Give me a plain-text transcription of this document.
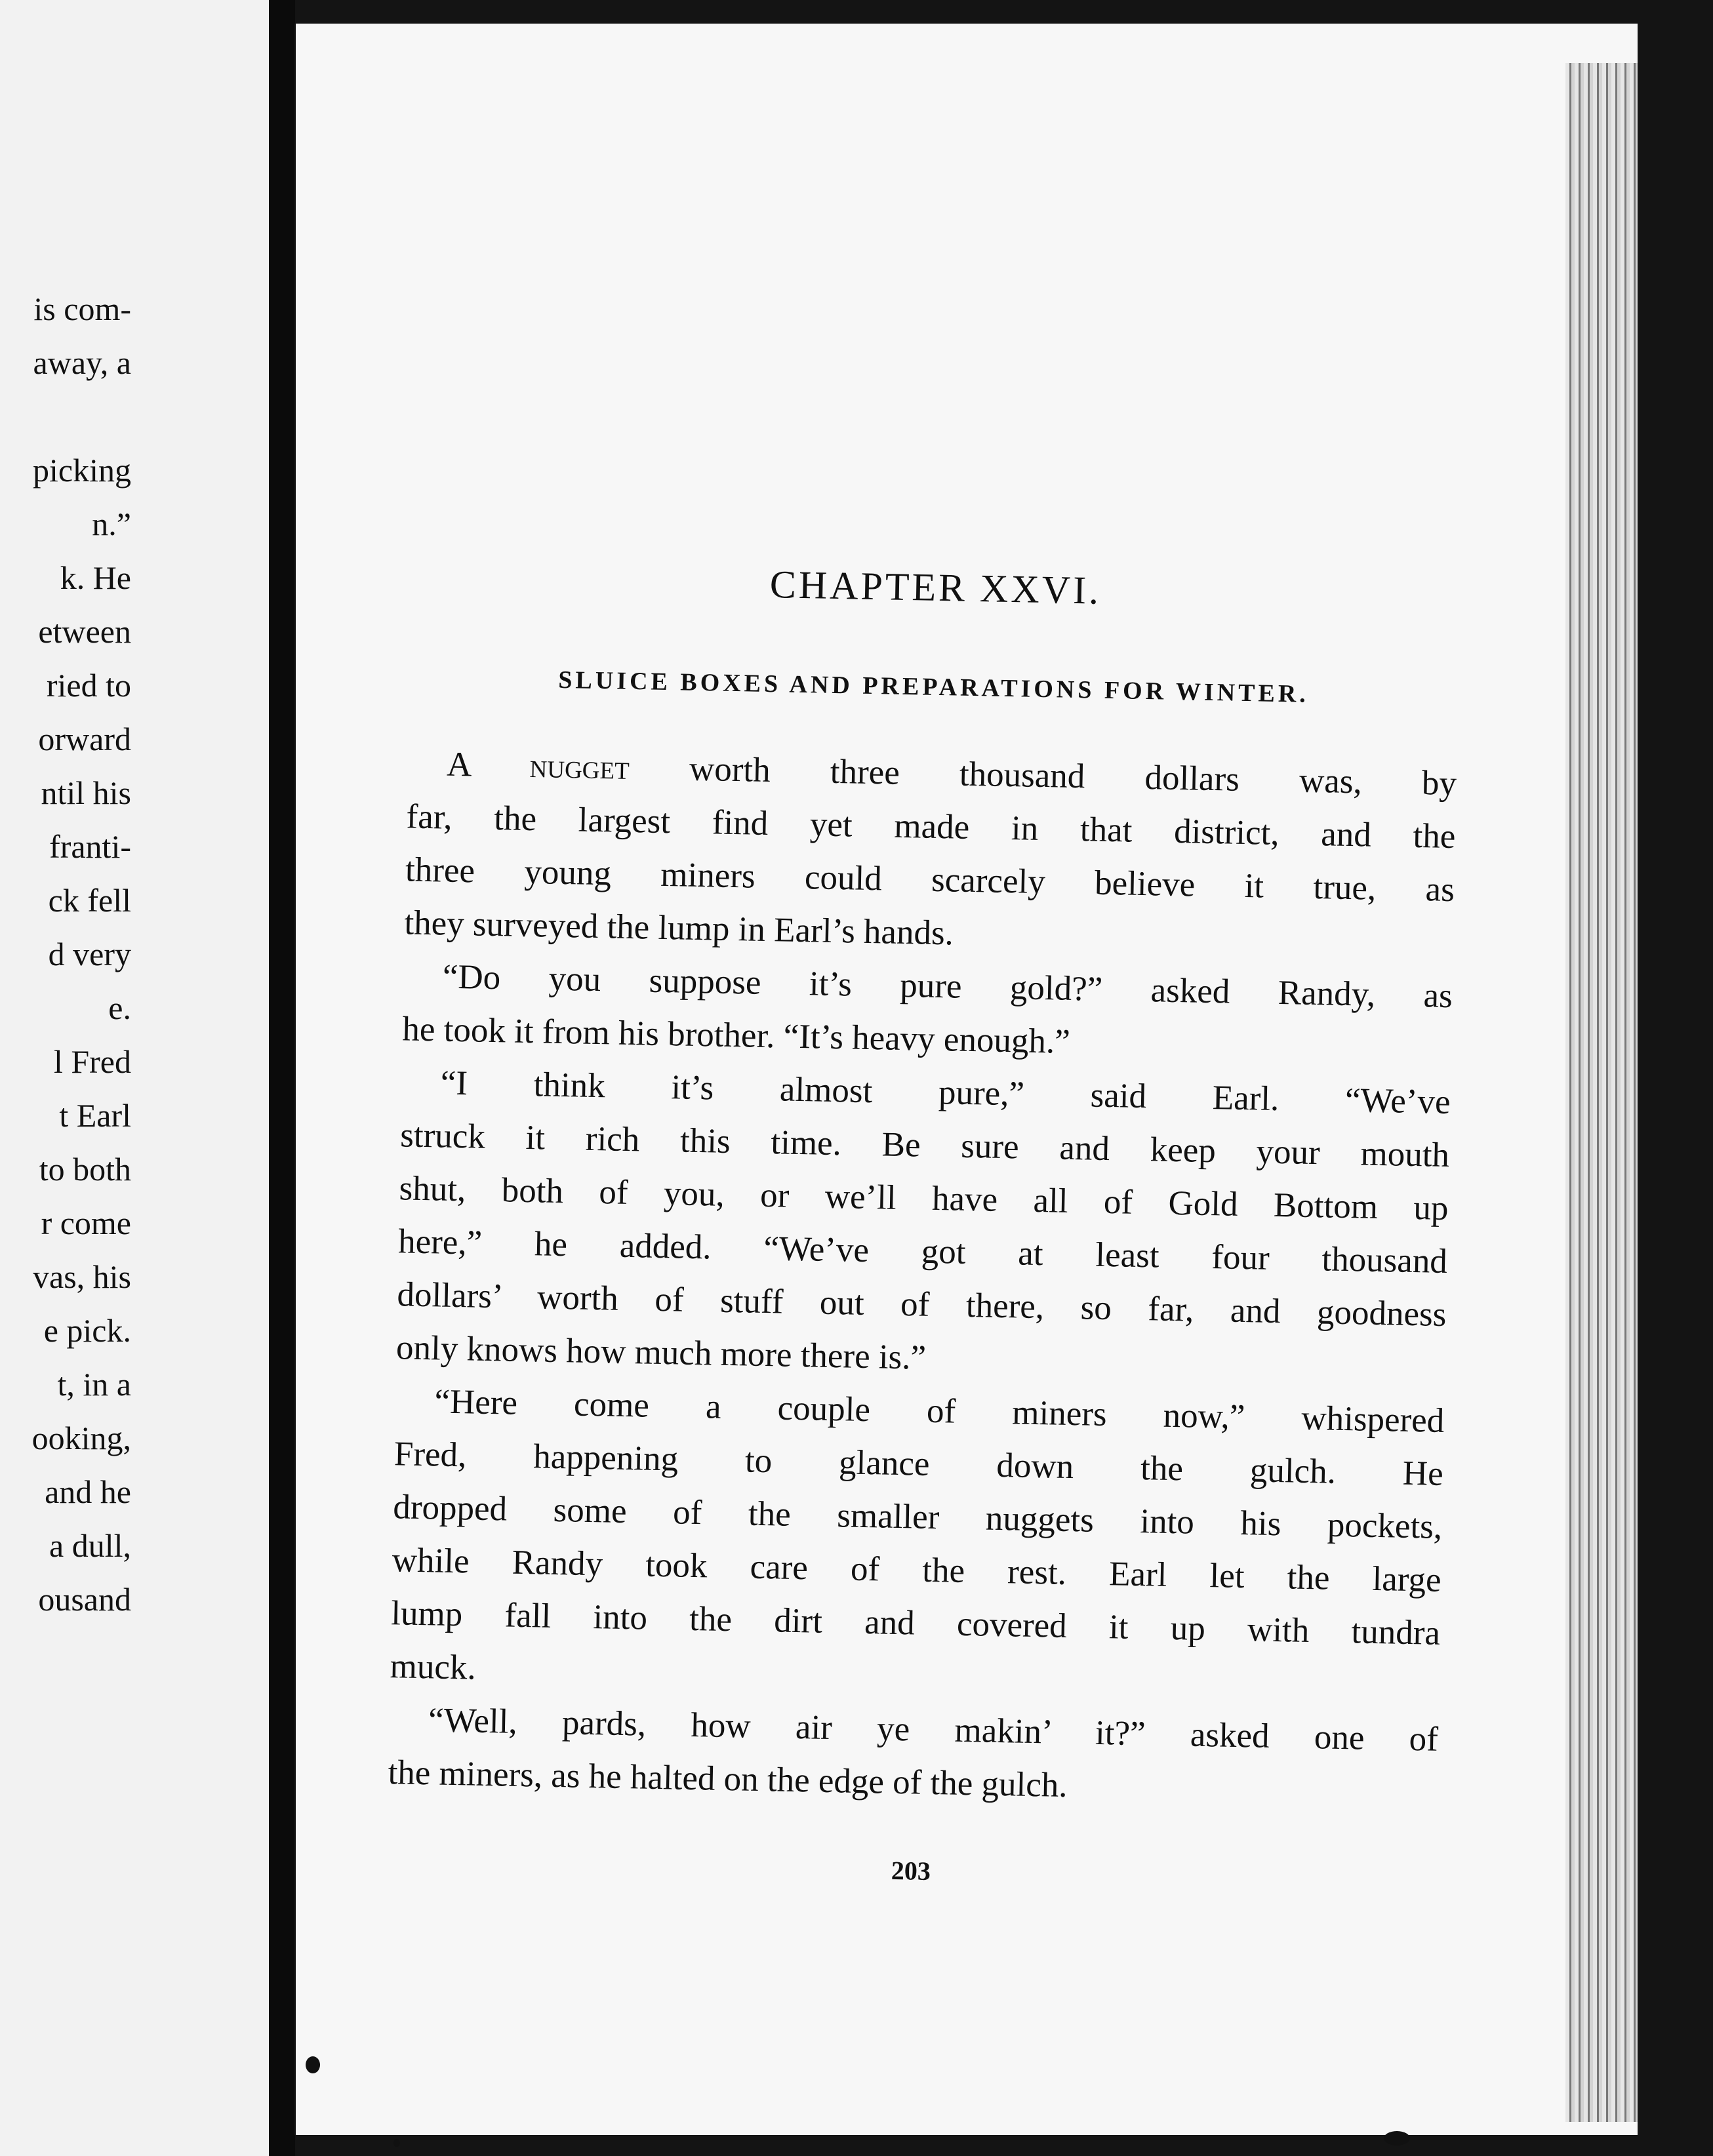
is com-
away, a
picking
n.”
k. He
etween
ried to
orward
ntil his
franti-
ck fell
d very
e.
l Fred
t Earl
to both
r come
vas, his
e pick.
t, in a
ooking,
and he
a dull,
ousand
CHAPTER XXVI.
SLUICE BOXES AND PREPARATIONS FOR WINTER.
A nugget worth three thousand dollars was, by
far, the largest find yet made in that district, and the
three young miners could scarcely believe it true, as
they surveyed the lump in Earl’s hands.
“Do you suppose it’s pure gold?” asked Randy, as
he took it from his brother. “It’s heavy enough.”
“I think it’s almost pure,” said Earl. “We’ve
struck it rich this time. Be sure and keep your mouth
shut, both of you, or we’ll have all of Gold Bottom up
here,” he added. “We’ve got at least four thousand
dollars’ worth of stuff out of there, so far, and goodness
only knows how much more there is.”
“Here come a couple of miners now,” whispered
Fred, happening to glance down the gulch. He
dropped some of the smaller nuggets into his pockets,
while Randy took care of the rest. Earl let the large
lump fall into the dirt and covered it up with tundra
muck.
“Well, pards, how air ye makin’ it?” asked one of
the miners, as he halted on the edge of the gulch.

203
